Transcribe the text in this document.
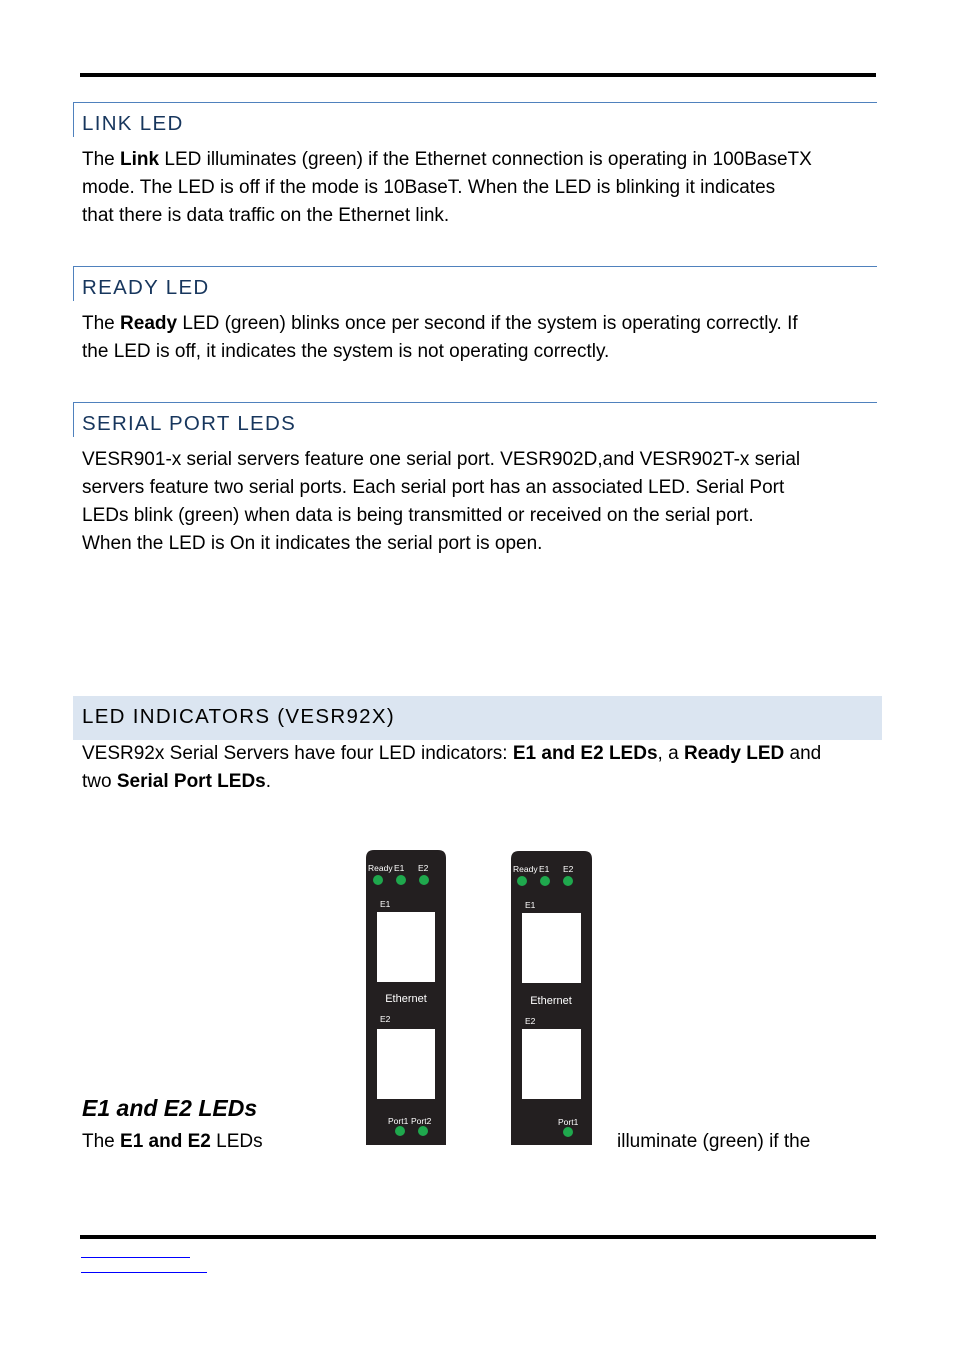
LINK LED

The Link LED illuminates (green) if the Ethernet connection is operating in 100BaseTX

mode. The LED is off if the mode is 10BaseT. When the LED is blinking it indicates

that there is data traffic on the Ethernet link.

READY LED

The Ready LED (green) blinks once per second if the system is operating correctly. If

the LED is off, it indicates the system is not operating correctly.

SERIAL PORT LEDS

VESR901-x serial servers feature one serial port. VESR902D,and VESR902T-x serial

servers feature two serial ports. Each serial port has an associated LED. Serial Port

LEDs blink (green) when data is being transmitted or received on the serial port.

When the LED is On it indicates the serial port is open.

LED INDICATORS (VESR92X)

VESR92x Serial Servers have four LED indicators: E1 and E2 LEDs, a Ready LED and

two Serial Port LEDs.

Ready E1 E2
E1
Ethernet
E2
Port1 Port2
Ready E1 E2
E1
Ethernet
E2
Port1
E1 and E2 LEDs
The E1 and E2 LEDs	illuminate (green) if the
